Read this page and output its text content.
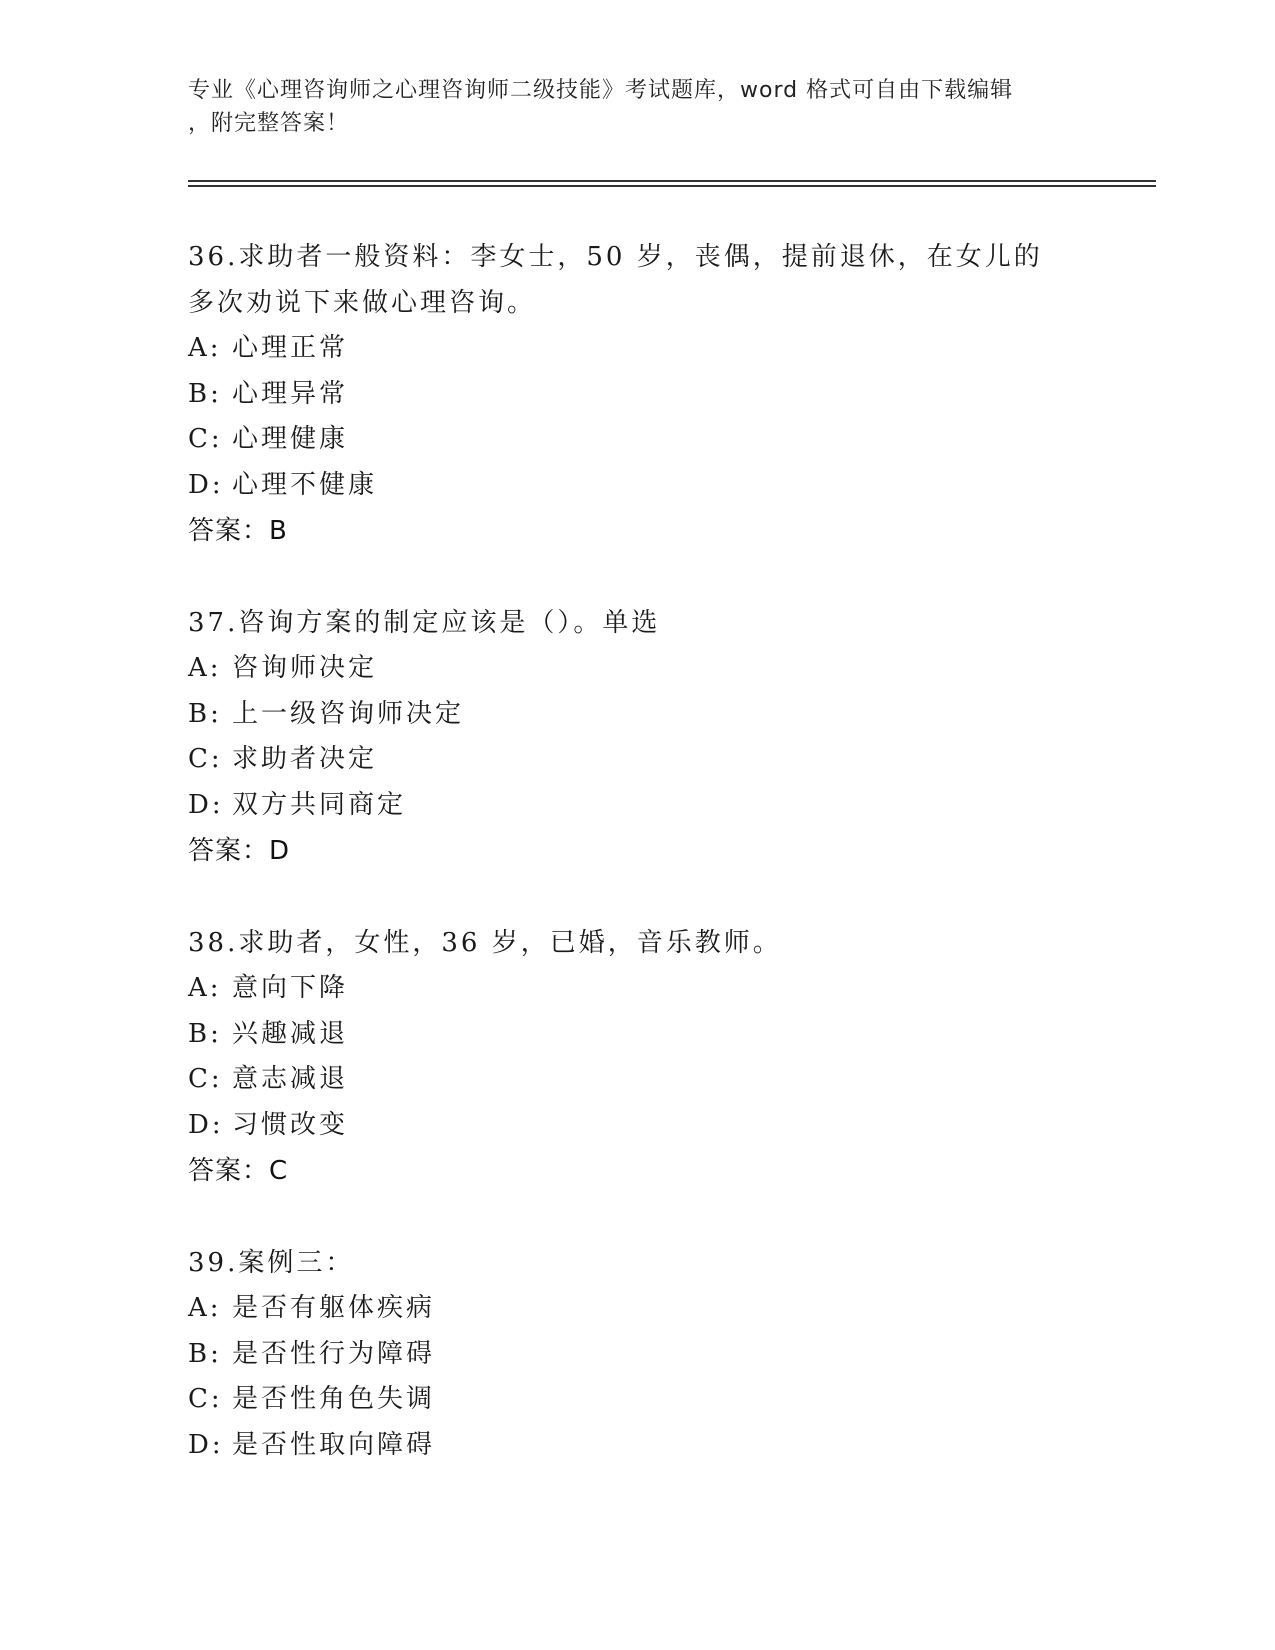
专业《心理咨询师之心理咨询师二级技能》考试题库，word 格式可自由下载编辑
，附完整答案！
36.求助者一般资料：李女士，50 岁，丧偶，提前退休，在女儿的多次劝说下来做心理咨询。
A: 心理正常
B: 心理异常
C: 心理健康
D: 心理不健康
答案：B
37.咨询方案的制定应该是（）。单选
A: 咨询师决定
B: 上一级咨询师决定
C: 求助者决定
D: 双方共同商定
答案：D
38.求助者，女性，36 岁，已婚，音乐教师。
A: 意向下降
B: 兴趣减退
C: 意志减退
D: 习惯改变
答案：C
39.案例三：
A: 是否有躯体疾病
B: 是否性行为障碍
C: 是否性角色失调
D: 是否性取向障碍
